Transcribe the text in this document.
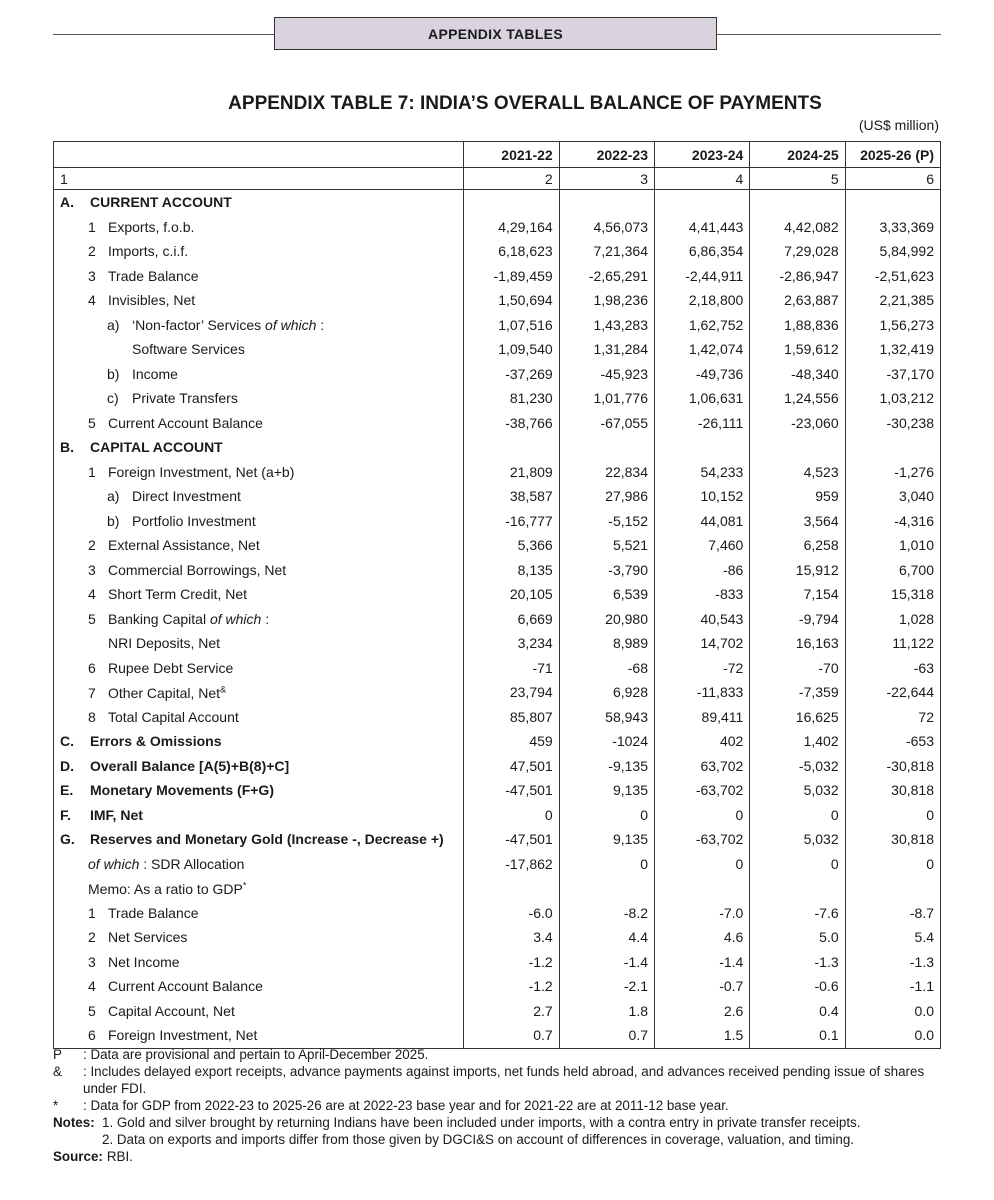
APPENDIX TABLES
APPENDIX TABLE 7: INDIA’S OVERALL BALANCE OF PAYMENTS
(US$ million)
	2021-22	2022-23	2023-24	2024-25	2025-26 (P)
1	2	3	4	5	6
A. CURRENT ACCOUNT					
1 Exports, f.o.b.	4,29,164	4,56,073	4,41,443	4,42,082	3,33,369
2 Imports, c.i.f.	6,18,623	7,21,364	6,86,354	7,29,028	5,84,992
3 Trade Balance	-1,89,459	-2,65,291	-2,44,911	-2,86,947	-2,51,623
4 Invisibles, Net	1,50,694	1,98,236	2,18,800	2,63,887	2,21,385
a) ‘Non-factor’ Services of which :	1,07,516	1,43,283	1,62,752	1,88,836	1,56,273
Software Services	1,09,540	1,31,284	1,42,074	1,59,612	1,32,419
b) Income	-37,269	-45,923	-49,736	-48,340	-37,170
c) Private Transfers	81,230	1,01,776	1,06,631	1,24,556	1,03,212
5 Current Account Balance	-38,766	-67,055	-26,111	-23,060	-30,238
B. CAPITAL ACCOUNT					
1 Foreign Investment, Net (a+b)	21,809	22,834	54,233	4,523	-1,276
a) Direct Investment	38,587	27,986	10,152	959	3,040
b) Portfolio Investment	-16,777	-5,152	44,081	3,564	-4,316
2 External Assistance, Net	5,366	5,521	7,460	6,258	1,010
3 Commercial Borrowings, Net	8,135	-3,790	-86	15,912	6,700
4 Short Term Credit, Net	20,105	6,539	-833	7,154	15,318
5 Banking Capital of which :	6,669	20,980	40,543	-9,794	1,028
NRI Deposits, Net	3,234	8,989	14,702	16,163	11,122
6 Rupee Debt Service	-71	-68	-72	-70	-63
7 Other Capital, Net&	23,794	6,928	-11,833	-7,359	-22,644
8 Total Capital Account	85,807	58,943	89,411	16,625	72
C. Errors & Omissions	459	-1024	402	1,402	-653
D. Overall Balance [A(5)+B(8)+C]	47,501	-9,135	63,702	-5,032	-30,818
E. Monetary Movements (F+G)	-47,501	9,135	-63,702	5,032	30,818
F. IMF, Net	0	0	0	0	0
G. Reserves and Monetary Gold (Increase -, Decrease +)	-47,501	9,135	-63,702	5,032	30,818
of which : SDR Allocation	-17,862	0	0	0	0
Memo: As a ratio to GDP*					
1 Trade Balance	-6.0	-8.2	-7.0	-7.6	-8.7
2 Net Services	3.4	4.4	4.6	5.0	5.4
3 Net Income	-1.2	-1.4	-1.4	-1.3	-1.3
4 Current Account Balance	-1.2	-2.1	-0.7	-0.6	-1.1
5 Capital Account, Net	2.7	1.8	2.6	0.4	0.0
6 Foreign Investment, Net	0.7	0.7	1.5	0.1	0.0
P	: Data are provisional and pertain to April-December 2025.
&	: Includes delayed export receipts, advance payments against imports, net funds held abroad, and advances received pending issue of shares under FDI.
*	: Data for GDP from 2022-23 to 2025-26 are at 2022-23 base year and for 2021-22 are at 2011-12 base year.
Notes: 1. Gold and silver brought by returning Indians have been included under imports, with a contra entry in private transfer receipts.
2. Data on exports and imports differ from those given by DGCI&S on account of differences in coverage, valuation, and timing.
Source: RBI.
